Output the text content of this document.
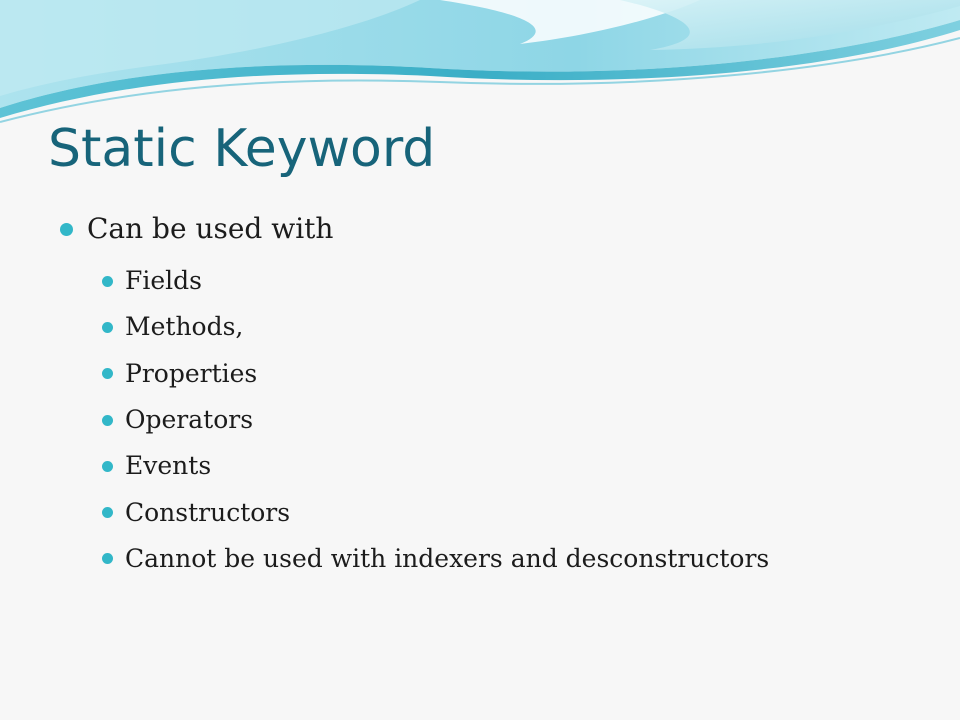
Static Keyword
Can be used with
Fields
Methods,
Properties
Operators
Events
Constructors
Cannot be used with indexers and desconstructors
